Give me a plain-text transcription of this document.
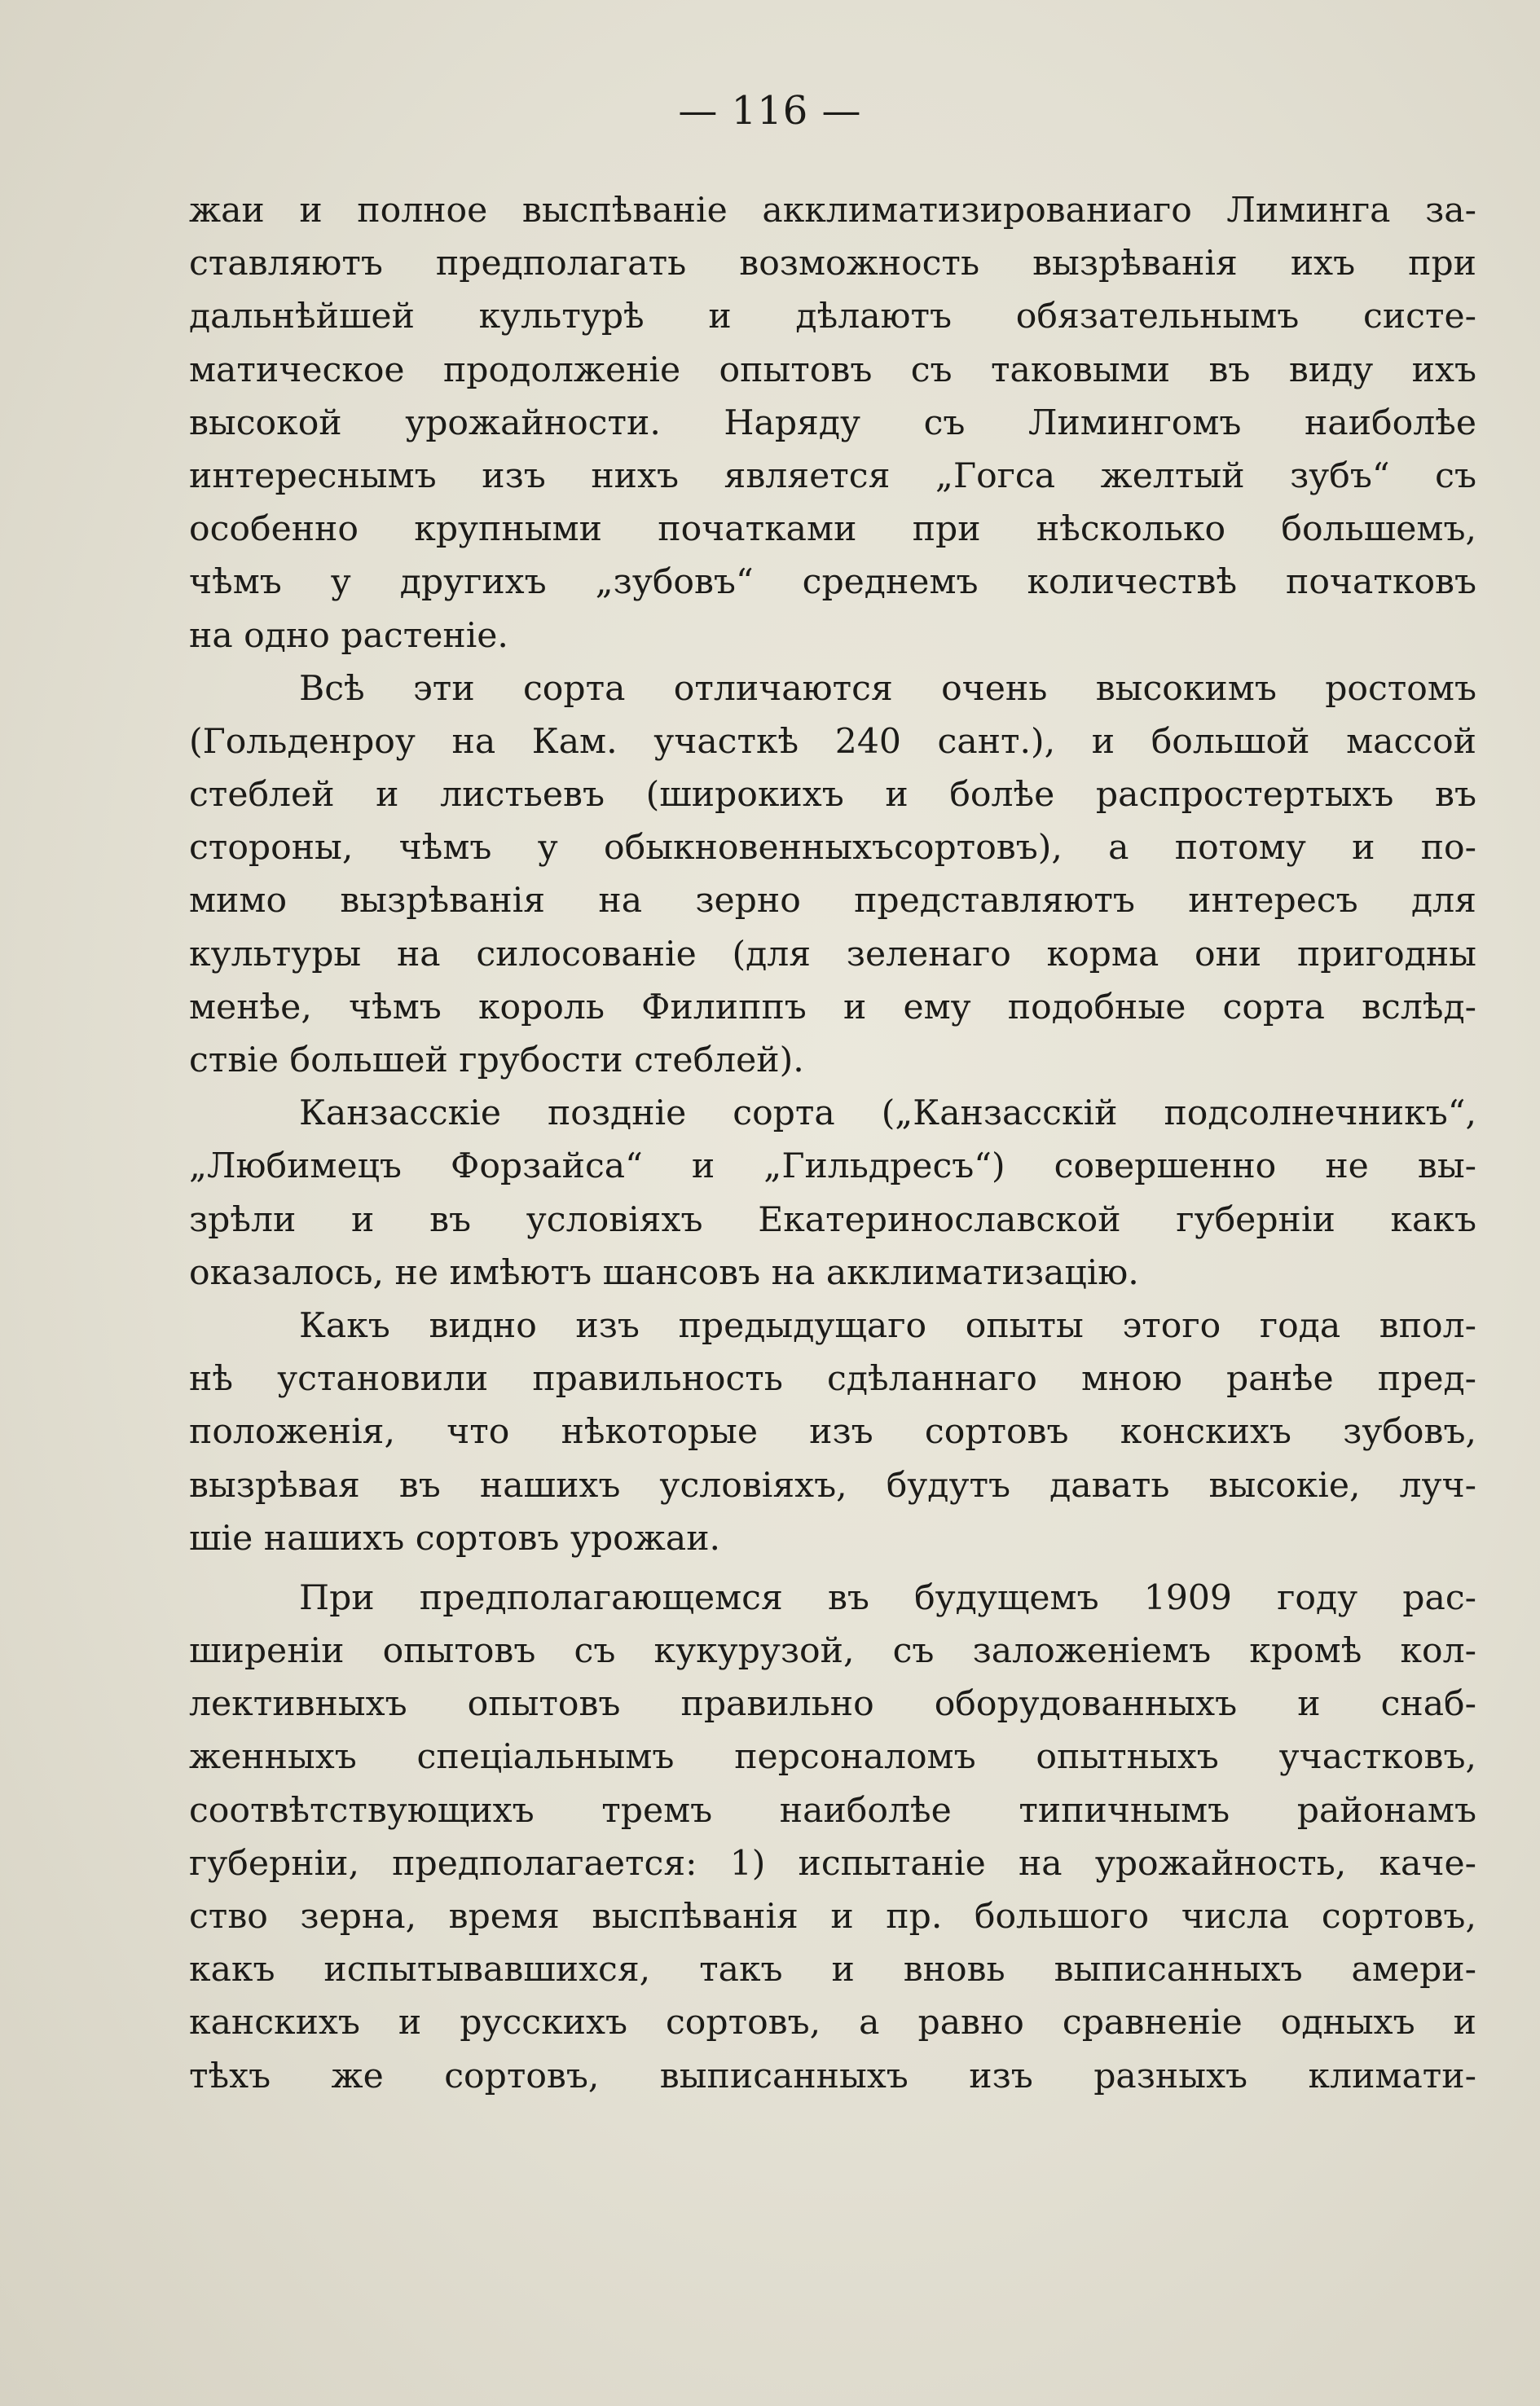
— 116 —
жаи и полное выспѣваніе акклиматизированиаго Лиминга за-
ставляютъ предполагать возможность вызрѣванія ихъ при
дальнѣйшей культурѣ и дѣлаютъ обязательнымъ систе-
матическое продолженіе опытовъ съ таковыми въ виду ихъ
высокой урожайности. Наряду съ Лимингомъ наиболѣе
интереснымъ изъ нихъ является „Гогса желтый зубъ“ съ
особенно крупными початками при нѣсколько большемъ,
чѣмъ у другихъ „зубовъ“ среднемъ количествѣ початковъ
на одно растеніе.
Всѣ эти сорта отличаются очень высокимъ ростомъ
(Гольденроу на Кам. участкѣ 240 сант.), и большой массой
стеблей и листьевъ (широкихъ и болѣе распростертыхъ въ
стороны, чѣмъ у обыкновенныхъсортовъ), а потому и по-
мимо вызрѣванія на зерно представляютъ интересъ для
культуры на силосованіе (для зеленаго корма они пригодны
менѣе, чѣмъ король Филиппъ и ему подобные сорта вслѣд-
ствіе большей грубости стеблей).
Канзасскіе поздніе сорта („Канзасскій подсолнечникъ“,
„Любимецъ Форзайса“ и „Гильдресъ“) совершенно не вы-
зрѣли и въ условіяхъ Екатеринославской губерніи какъ
оказалось, не имѣютъ шансовъ на акклиматизацію.
Какъ видно изъ предыдущаго опыты этого года впол-
нѣ установили правильность сдѣланнаго мною ранѣе пред-
положенія, что нѣкоторые изъ сортовъ конскихъ зубовъ,
вызрѣвая въ нашихъ условіяхъ, будутъ давать высокіе, луч-
шіе нашихъ сортовъ урожаи.
При предполагающемся въ будущемъ 1909 году рас-
ширеніи опытовъ съ кукурузой, съ заложеніемъ кромѣ кол-
лективныхъ опытовъ правильно оборудованныхъ и снаб-
женныхъ спеціальнымъ персоналомъ опытныхъ участковъ,
соотвѣтствующихъ тремъ наиболѣе типичнымъ районамъ
губерніи, предполагается: 1) испытаніе на урожайность, каче-
ство зерна, время выспѣванія и пр. большого числа сортовъ,
какъ испытывавшихся, такъ и вновь выписанныхъ амери-
канскихъ и русскихъ сортовъ, а равно сравненіе одныхъ и
тѣхъ же сортовъ, выписанныхъ изъ разныхъ климати-
